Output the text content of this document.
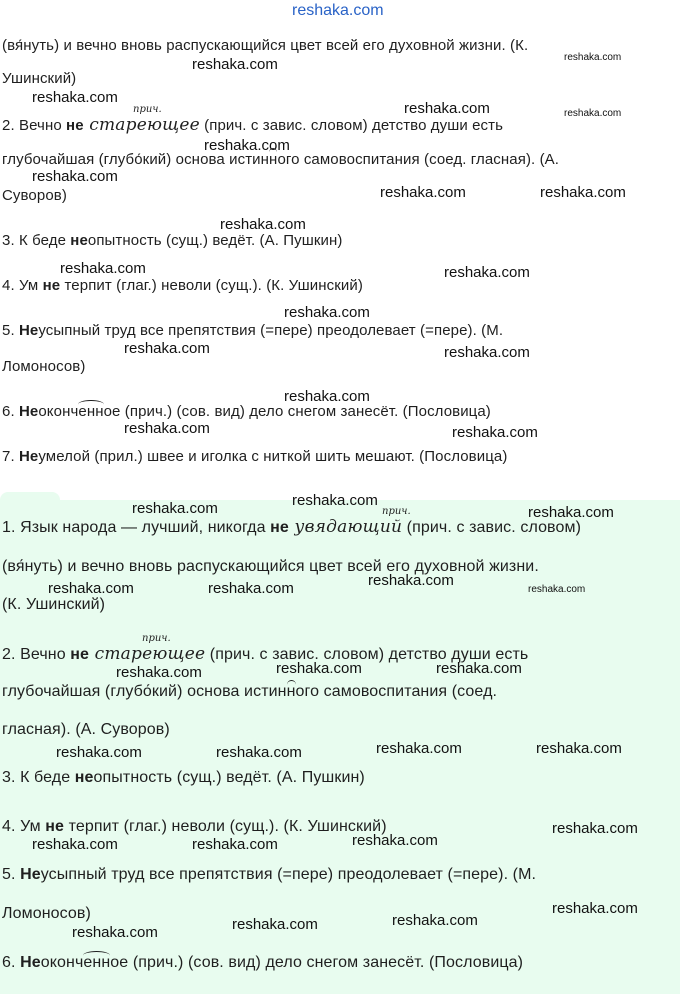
reshaka.com
(вя́нуть) и вечно вновь распускающийся цвет всей его духовной жизни. (К.
Ушинский)
прич.
2. Вечно не стареющее (прич. с завис. словом) детство души есть
глубочайшая (глубо́кий) основа истинного самовоспитания (соед. гласная). (А.
Суворов)
3. К беде неопытность (сущ.) ведёт. (А. Пушкин)
4. Ум не терпит (глаг.) неволи (сущ.). (К. Ушинский)
5. Неусыпный труд все препятствия (=пере) преодолевает (=пере). (М.
Ломоносов)
6. Неоконченное (прич.) (сов. вид) дело снегом занесёт. (Пословица)
7. Неумелой (прил.) швее и иголка с ниткой шить мешают. (Пословица)
reshaka.com	reshaka.com
reshaka.com
reshaka.com	reshaka.com
reshaka.com
reshaka.com
reshaka.com	reshaka.com
reshaka.com
reshaka.com	reshaka.com
reshaka.com
reshaka.com	reshaka.com
reshaka.com
reshaka.com	reshaka.com
прич.
1. Язык народа — лучший, никогда не увядающий (прич. с завис. словом)
(вя́нуть) и вечно вновь распускающийся цвет всей его духовной жизни.
(К. Ушинский)
прич.
2. Вечно не стареющее (прич. с завис. словом) детство души есть
глубочайшая (глубо́кий) основа истинного самовоспитания (соед.
гласная). (А. Суворов)
3. К беде неопытность (сущ.) ведёт. (А. Пушкин)
4. Ум не терпит (глаг.) неволи (сущ.). (К. Ушинский)
5. Неусыпный труд все препятствия (=пере) преодолевает (=пере). (М.
Ломоносов)
6. Неоконченное (прич.) (сов. вид) дело снегом занесёт. (Пословица)
reshaka.com	reshaka.com
reshaka.com
reshaka.com	reshaka.com	reshaka.com
reshaka.com
reshaka.com	reshaka.com	reshaka.com
reshaka.com	reshaka.com	reshaka.com	reshaka.com
reshaka.com
reshaka.com	reshaka.com	reshaka.com
reshaka.com
reshaka.com	reshaka.com
reshaka.com
